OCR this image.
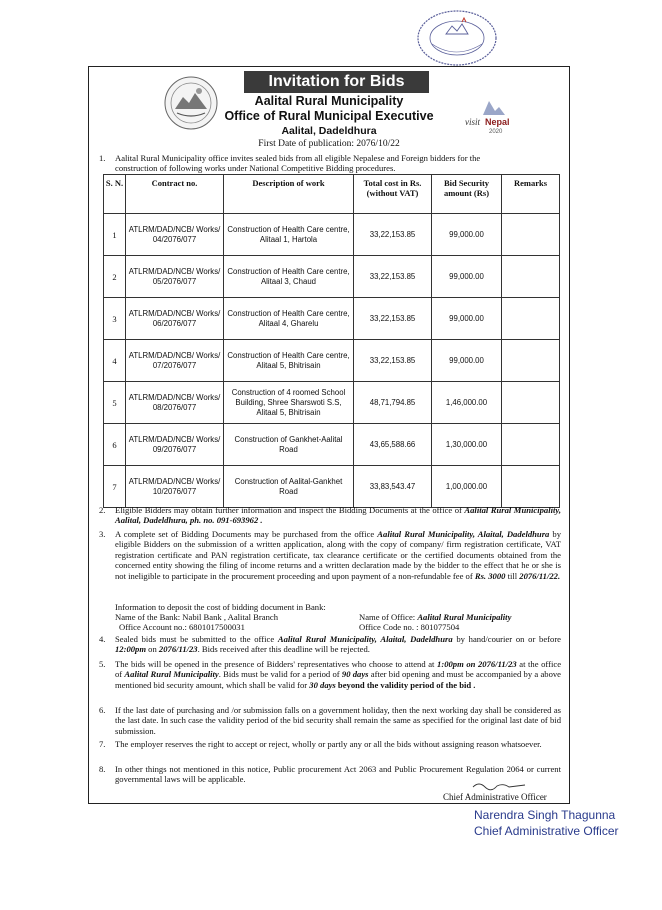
Invitation for Bids
visit Nepal
2020
Aalital Rural Municipality
Office of Rural Municipal Executive
Aalital, Dadeldhura
First Date of publication: 2076/10/22
1. Aalital Rural Municipality office invites sealed bids from all eligible Nepalese and Foreign bidders for the
construction of following works under National Competitive Bidding procedures.
S. N.	Contract no.	Description of work	Total cost in Rs. (without VAT)	Bid Security amount (Rs)	Remarks
1	ATLRM/DAD/NCB/ Works/ 04/2076/077	Construction of Health Care centre, Alitaal 1, Hartola	33,22,153.85	99,000.00	
2	ATLRM/DAD/NCB/ Works/ 05/2076/077	Construction of Health Care centre, Alitaal 3, Chaud	33,22,153.85	99,000.00	
3	ATLRM/DAD/NCB/ Works/ 06/2076/077	Construction of Health Care centre, Alitaal 4, Gharelu	33,22,153.85	99,000.00	
4	ATLRM/DAD/NCB/ Works/ 07/2076/077	Construction of Health Care centre, Alitaal 5, Bhitrisain	33,22,153.85	99,000.00	
5	ATLRM/DAD/NCB/ Works/ 08/2076/077	Construction of 4 roomed School Building, Shree Sharswoti S.S, Alitaal 5, Bhitrisain	48,71,794.85	1,46,000.00	
6	ATLRM/DAD/NCB/ Works/ 09/2076/077	Construction of Gankhet-Aalital Road	43,65,588.66	1,30,000.00	
7	ATLRM/DAD/NCB/ Works/ 10/2076/077	Construction of Aalital-Gankhet Road	33,83,543.47	1,00,000.00	
2. Eligible Bidders may obtain further information and inspect the Bidding Documents at the office of Aalital Rural Municipality, Aalital, Dadeldhura, ph. no. 091-693962 .
3. A complete set of Bidding Documents may be purchased from the office Aalital Rural Municipality, Alaital, Dadeldhura by eligible Bidders on the submission of a written application, along with the copy of company/ firm registration certificate, VAT registration certificate and PAN registration certificate, tax clearance certificate or the certified documents obtained from the concerned entity showing the filing of income returns and a written declaration made by the bidder to the effect that he or she is not ineligible to participate in the procurement proceeding and upon payment of a non-refundable fee of Rs. 3000 till 2076/11/22.
Information to deposit the cost of bidding document in Bank:
Name of the Bank: Nabil Bank , Aalital Branch	Name of Office: Aalital Rural Municipality
Office Account no.: 6801017500031	Office Code no. : 801077504
4. Sealed bids must be submitted to the office Aalital Rural Municipality, Alaital, Dadeldhura by hand/courier on or before 12:00pm on 2076/11/23. Bids received after this deadline will be rejected.
5. The bids will be opened in the presence of Bidders' representatives who choose to attend at 1:00pm on 2076/11/23 at the office of Aalital Rural Municipality. Bids must be valid for a period of 90 days after bid opening and must be accompanied by a above mentioned bid security amount, which shall be valid for 30 days beyond the validity period of the bid .
6. If the last date of purchasing and /or submission falls on a government holiday, then the next working day shall be considered as the last date. In such case the validity period of the bid security shall remain the same as specified for the original last date of bid submission.
7. The employer reserves the right to accept or reject, wholly or partly any or all the bids without assigning reason whatsoever.
8. In other things not mentioned in this notice, Public procurement Act 2063 and Public Procurement Regulation 2064 or current governmental laws will be applicable.
Chief Administrative Officer
Narendra Singh Thagunna
Chief Administrative Officer
